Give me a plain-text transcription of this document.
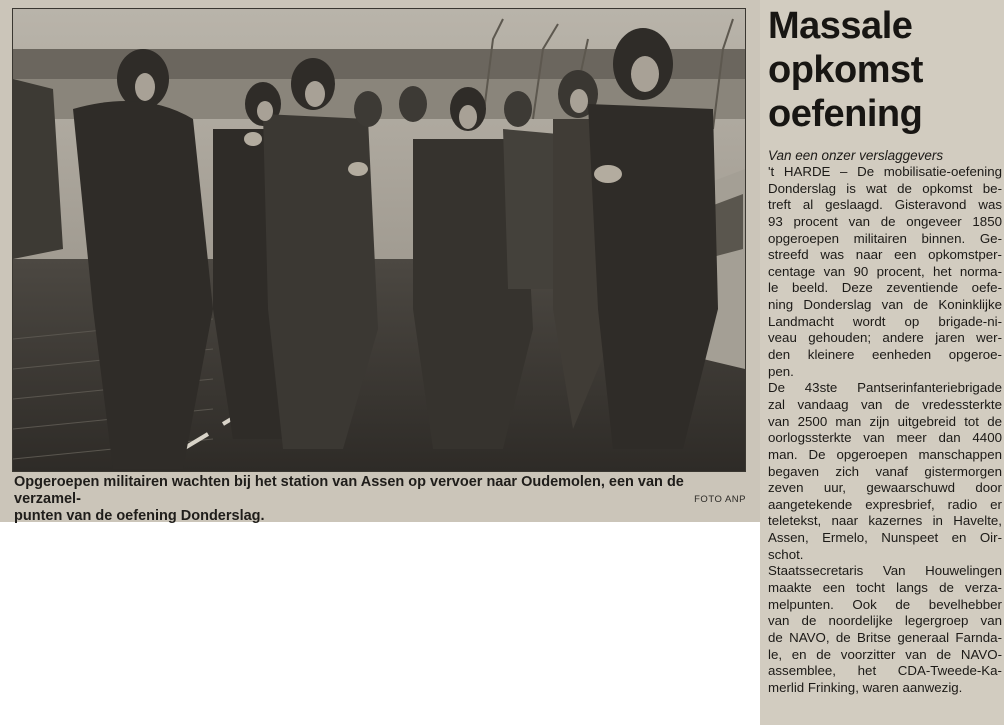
Opgeroepen militairen wachten bij het station van Assen op vervoer naar Oudemolen, een van de verzamel-
punten van de oefening Donderslag.
FOTO ANP
Massale
opkomst
oefening
Van een onzer verslaggevers
't HARDE – De mobilisatie-oefening
Donderslag is wat de opkomst be-
treft al geslaagd. Gisteravond was
93 procent van de ongeveer 1850
opgeroepen militairen binnen. Ge-
streefd was naar een opkomstper-
centage van 90 procent, het norma-
le beeld. Deze zeventiende oefe-
ning Donderslag van de Koninklijke
Landmacht wordt op brigade-ni-
veau gehouden; andere jaren wer-
den kleinere eenheden opgeroe-
pen.
De 43ste Pantserinfanteriebrigade
zal vandaag van de vredessterkte
van 2500 man zijn uitgebreid tot de
oorlogssterkte van meer dan 4400
man. De opgeroepen manschappen
begaven zich vanaf gistermorgen
zeven uur, gewaarschuwd door
aangetekende expresbrief, radio er
teletekst, naar kazernes in Havelte,
Assen, Ermelo, Nunspeet en Oir-
schot.
Staatssecretaris Van Houwelingen
maakte een tocht langs de verza-
melpunten. Ook de bevelhebber
van de noordelijke legergroep van
de NAVO, de Britse generaal Farnda-
le, en de voorzitter van de NAVO-
assemblee, het CDA-Tweede-Ka-
merlid Frinking, waren aanwezig.
